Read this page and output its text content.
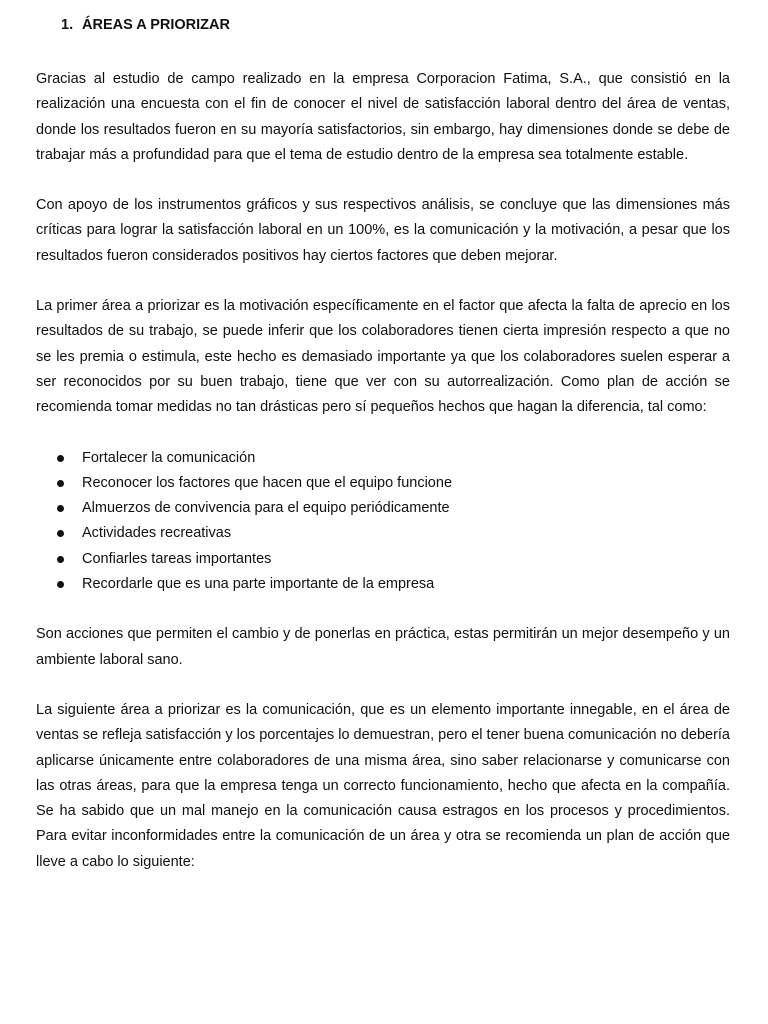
1. ÁREAS A PRIORIZAR

Gracias al estudio de campo realizado en la empresa Corporacion Fatima, S.A., que consistió en la realización una encuesta con el fin de conocer el nivel de satisfacción laboral dentro del área de ventas, donde los resultados fueron en su mayoría satisfactorios, sin embargo, hay dimensiones donde se debe de trabajar más a profundidad para que el tema de estudio dentro de la empresa sea totalmente estable.

Con apoyo de los instrumentos gráficos y sus respectivos análisis, se concluye que las dimensiones más críticas para lograr la satisfacción laboral en un 100%, es la comunicación y la motivación, a pesar que los resultados fueron considerados positivos hay ciertos factores que deben mejorar.

La primer área a priorizar es la motivación específicamente en el factor que afecta la falta de aprecio en los resultados de su trabajo, se puede inferir que los colaboradores tienen cierta impresión respecto a que no se les premia o estimula, este hecho es demasiado importante ya que los colaboradores suelen esperar a ser reconocidos por su buen trabajo, tiene que ver con su autorrealización. Como plan de acción se recomienda tomar medidas no tan drásticas pero sí pequeños hechos que hagan la diferencia, tal como:

Fortalecer la comunicación
Reconocer los factores que hacen que el equipo funcione
Almuerzos de convivencia para el equipo periódicamente
Actividades recreativas
Confiarles tareas importantes
Recordarle que es una parte importante de la empresa

Son acciones que permiten el cambio y de ponerlas en práctica, estas permitirán un mejor desempeño y un ambiente laboral sano.

La siguiente área a priorizar es la comunicación, que es un elemento importante innegable, en el área de ventas se refleja satisfacción y los porcentajes lo demuestran, pero el tener buena comunicación no debería aplicarse únicamente entre colaboradores de una misma área, sino saber relacionarse y comunicarse con las otras áreas, para que la empresa tenga un correcto funcionamiento, hecho que afecta en la compañía. Se ha sabido que un mal manejo en la comunicación causa estragos en los procesos y procedimientos. Para evitar inconformidades entre la comunicación de un área y otra se recomienda un plan de acción que lleve a cabo lo siguiente:
